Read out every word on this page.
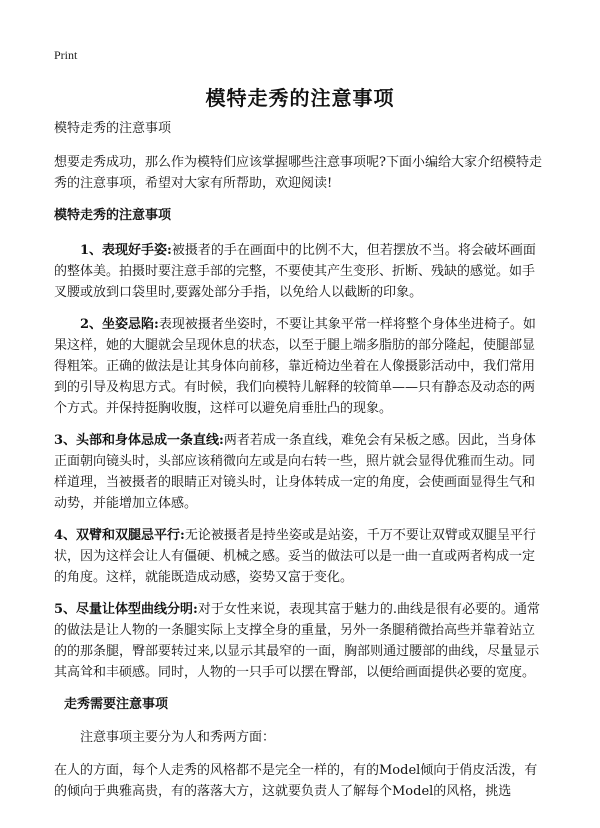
Print
模特走秀的注意事项

模特走秀的注意事项

想要走秀成功，那么作为模特们应该掌握哪些注意事项呢?下面小编给大家介绍模特走秀的注意事项，希望对大家有所帮助，欢迎阅读!

模特走秀的注意事项

1、表现好手姿:被摄者的手在画面中的比例不大，但若摆放不当。将会破坏画面的整体美。拍摄时要注意手部的完整，不要使其产生变形、折断、残缺的感觉。如手叉腰或放到口袋里时,要露处部分手指，以免给人以截断的印象。

2、坐姿忌陷:表现被摄者坐姿时，不要让其象平常一样将整个身体坐进椅子。如果这样，她的大腿就会呈现休息的状态，以至于腿上端多脂肪的部分隆起，使腿部显得粗笨。正确的做法是让其身体向前移，靠近椅边坐着在人像摄影活动中，我们常用到的引导及构思方式。有时候，我们向模特儿解释的较简单——只有静态及动态的两个方式。并保持挺胸收腹，这样可以避免肩垂肚凸的现象。

3、头部和身体忌成一条直线:两者若成一条直线，难免会有呆板之感。因此，当身体正面朝向镜头时，头部应该稍微向左或是向右转一些，照片就会显得优雅而生动。同样道理，当被摄者的眼睛正对镜头时，让身体转成一定的角度，会使画面显得生气和动势，并能增加立体感。

4、双臂和双腿忌平行:无论被摄者是持坐姿或是站姿，千万不要让双臂或双腿呈平行状，因为这样会让人有僵硬、机械之感。妥当的做法可以是一曲一直或两者构成一定的角度。这样，就能既造成动感，姿势又富于变化。

5、尽量让体型曲线分明:对于女性来说，表现其富于魅力的.曲线是很有必要的。通常的做法是让人物的一条腿实际上支撑全身的重量，另外一条腿稍微抬高些并靠着站立的的那条腿，臀部要转过来,以显示其最窄的一面，胸部则通过腰部的曲线，尽量显示其高耸和丰硕感。同时，人物的一只手可以摆在臀部，以便给画面提供必要的宽度。

走秀需要注意事项

注意事项主要分为人和秀两方面：

在人的方面，每个人走秀的风格都不是完全一样的，有的Model倾向于俏皮活泼，有的倾向于典雅高贵，有的落落大方，这就要负责人了解每个Model的风格，挑选
